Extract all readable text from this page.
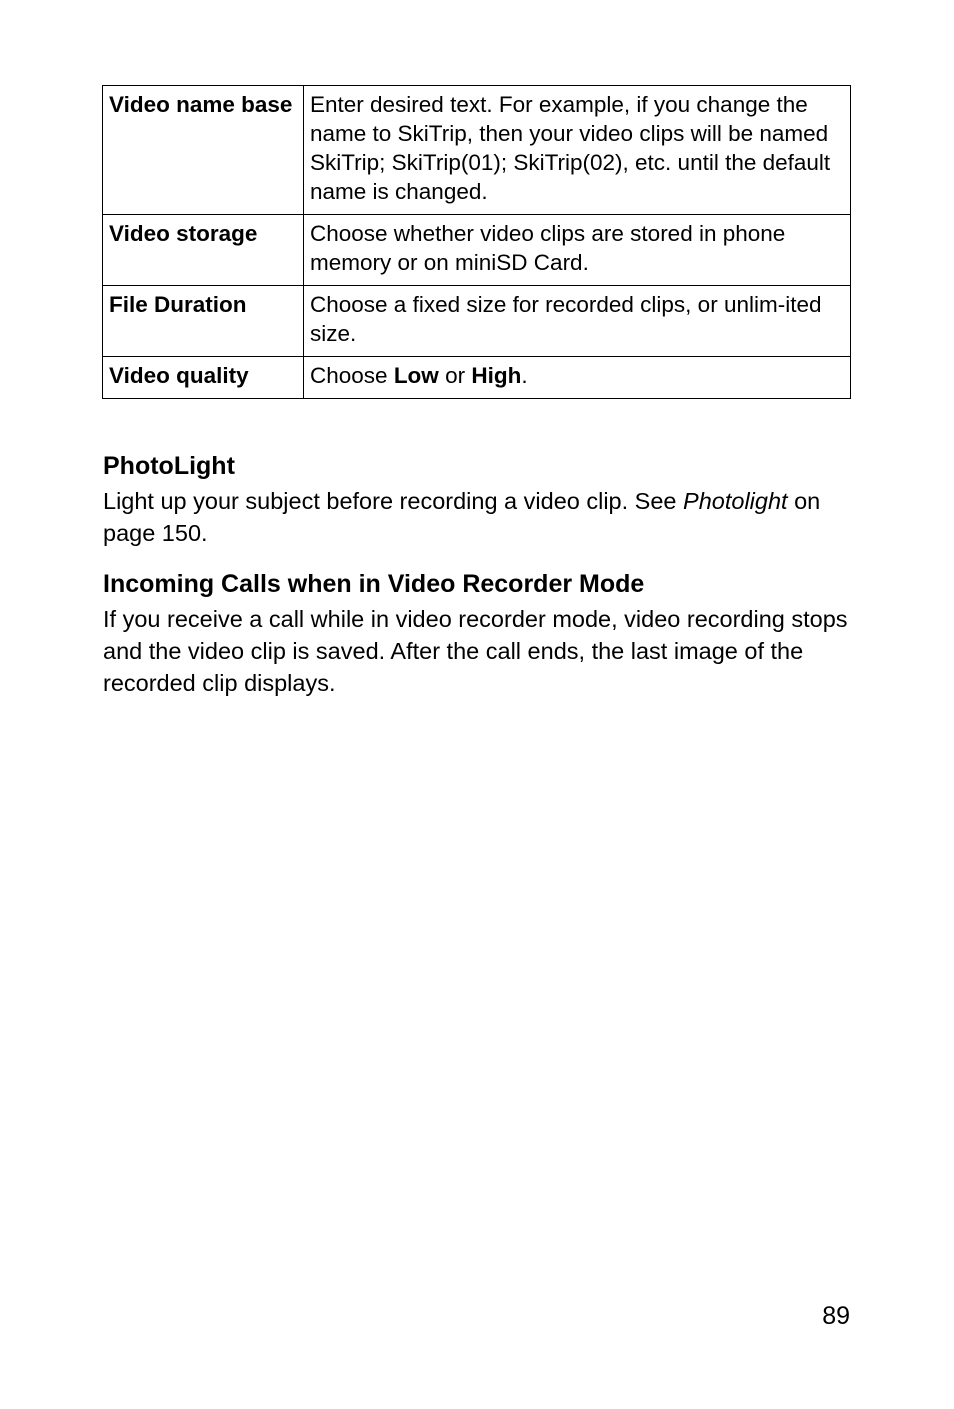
Video name base	Enter desired text. For example, if you change the name to SkiTrip, then your video clips will be named SkiTrip; SkiTrip(01); SkiTrip(02), etc. until the default name is changed.
Video storage	Choose whether video clips are stored in phone memory or on miniSD Card.
File Duration	Choose a fixed size for recorded clips, or unlim-ited size.
Video quality	Choose Low or High.
PhotoLight

Light up your subject before recording a video clip. See Photolight on page 150.

Incoming Calls when in Video Recorder Mode

If you receive a call while in video recorder mode, video recording stops and the video clip is saved. After the call ends, the last image of the recorded clip displays.

89
